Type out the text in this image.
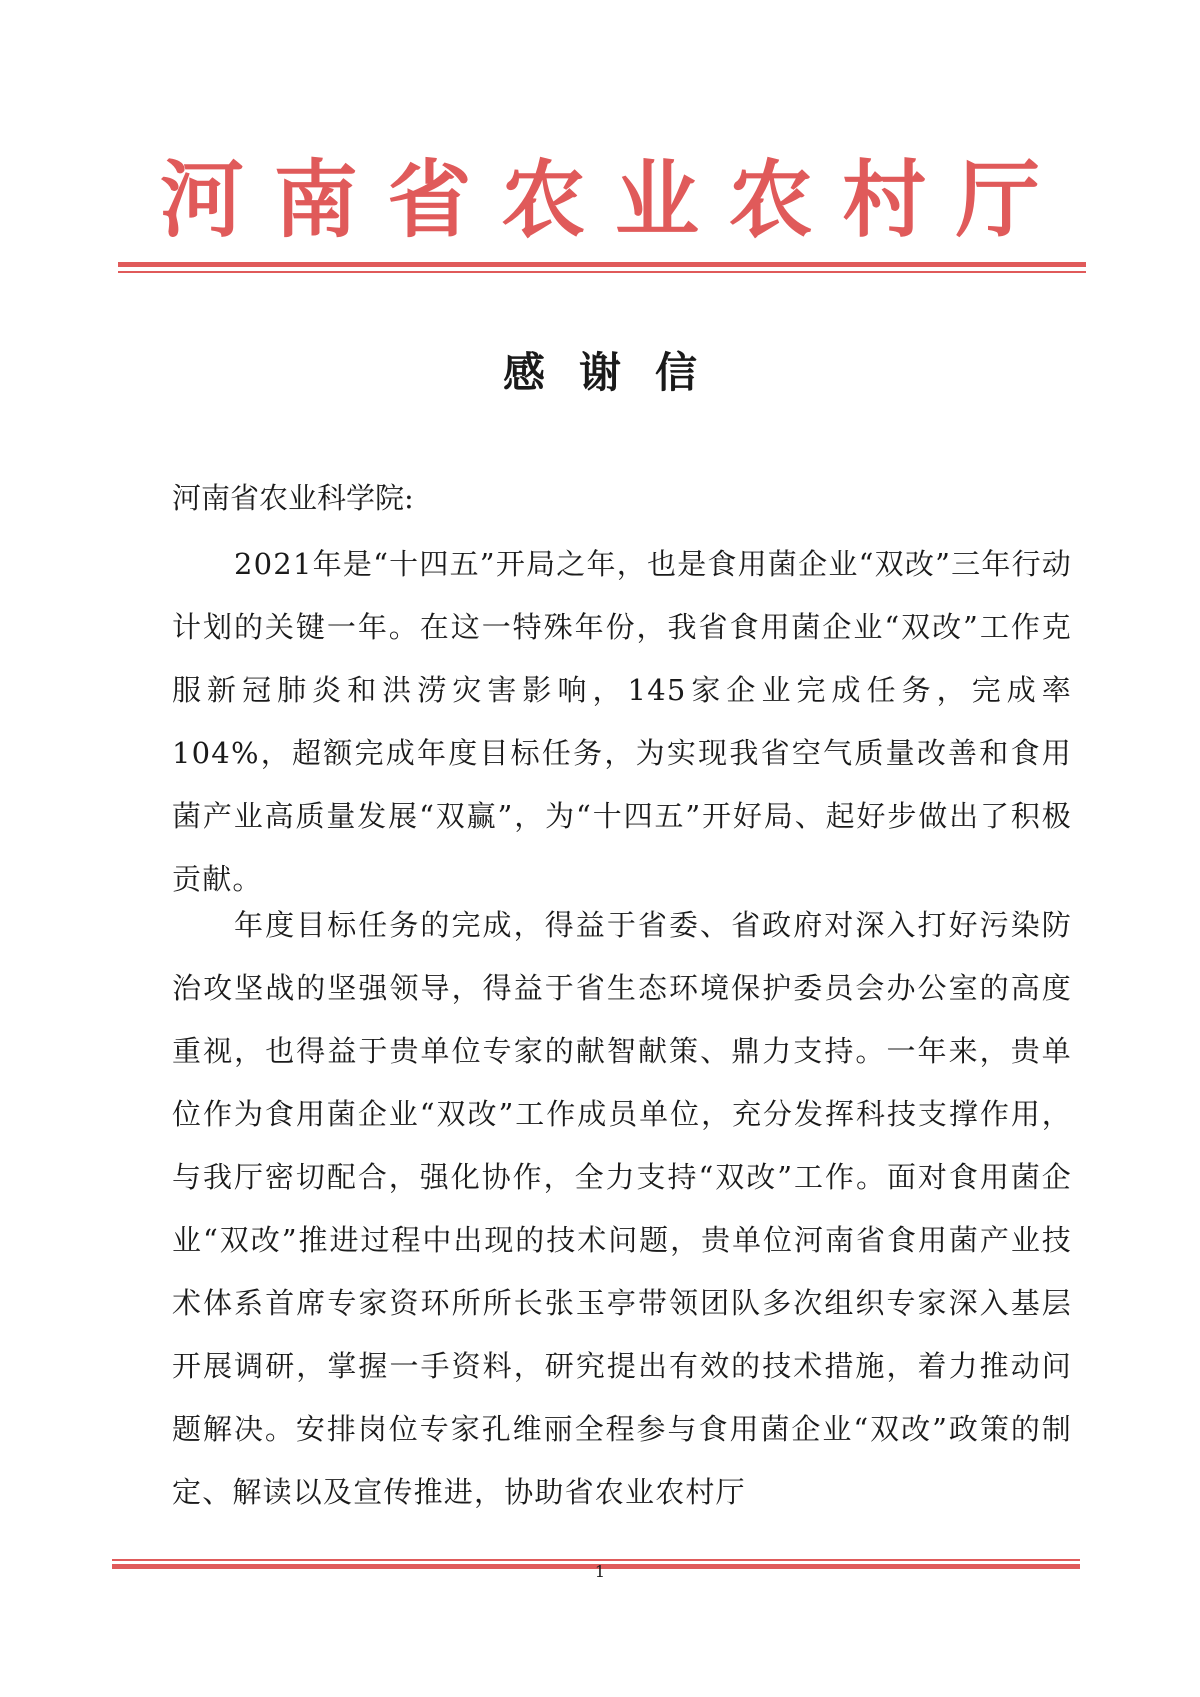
河 南 省 农 业 农 村 厅
感谢信
河南省农业科学院:

2021年是“十四五”开局之年，也是食用菌企业“双改”三年行动计划的关键一年。在这一特殊年份，我省食用菌企业“双改”工作克服新冠肺炎和洪涝灾害影响，145家企业完成任务，完成率104%，超额完成年度目标任务，为实现我省空气质量改善和食用菌产业高质量发展“双赢”，为“十四五”开好局、起好步做出了积极贡献。

年度目标任务的完成，得益于省委、省政府对深入打好污染防治攻坚战的坚强领导，得益于省生态环境保护委员会办公室的高度重视，也得益于贵单位专家的献智献策、鼎力支持。一年来，贵单位作为食用菌企业“双改”工作成员单位，充分发挥科技支撑作用，与我厅密切配合，强化协作，全力支持“双改”工作。面对食用菌企业“双改”推进过程中出现的技术问题，贵单位河南省食用菌产业技术体系首席专家资环所所长张玉亭带领团队多次组织专家深入基层开展调研，掌握一手资料，研究提出有效的技术措施，着力推动问题解决。安排岗位专家孔维丽全程参与食用菌企业“双改”政策的制定、解读以及宣传推进，协助省农业农村厅

1
